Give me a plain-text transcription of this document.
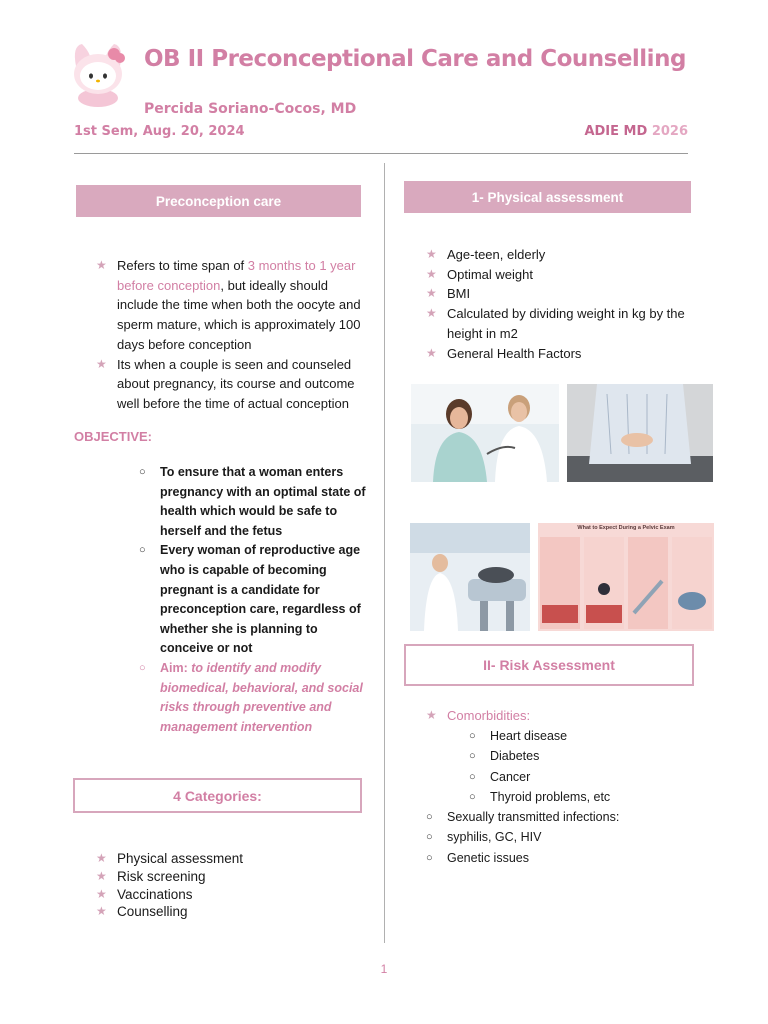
OB II Preconceptional Care and Counselling
Percida Soriano-Cocos, MD
1st Sem, Aug. 20, 2024	ADIE MD 2026
Preconception care
★ Refers to time span of 3 months to 1 year before conception, but ideally should include the time when both the oocyte and sperm mature, which is approximately 100 days before conception
★ Its when a couple is seen and counseled about pregnancy, its course and outcome well before the time of actual conception
OBJECTIVE:
○ To ensure that a woman enters pregnancy with an optimal state of health which would be safe to herself and the fetus
○ Every woman of reproductive age who is capable of becoming pregnant is a candidate for preconception care, regardless of whether she is planning to conceive or not
○ Aim: to identify and modify biomedical, behavioral, and social risks through preventive and management intervention
4 Categories:
★ Physical assessment
★ Risk screening
★ Vaccinations
★ Counselling
1- Physical assessment
★ Age-teen, elderly
★ Optimal weight
★ BMI
★ Calculated by dividing weight in kg by the height in m2
★ General Health Factors
What to Expect During a Pelvic Exam
II- Risk Assessment
★ Comorbidities:
○ Heart disease
○ Diabetes
○ Cancer
○ Thyroid problems, etc
○ Sexually transmitted infections:
○ syphilis, GC, HIV
○ Genetic issues
1
